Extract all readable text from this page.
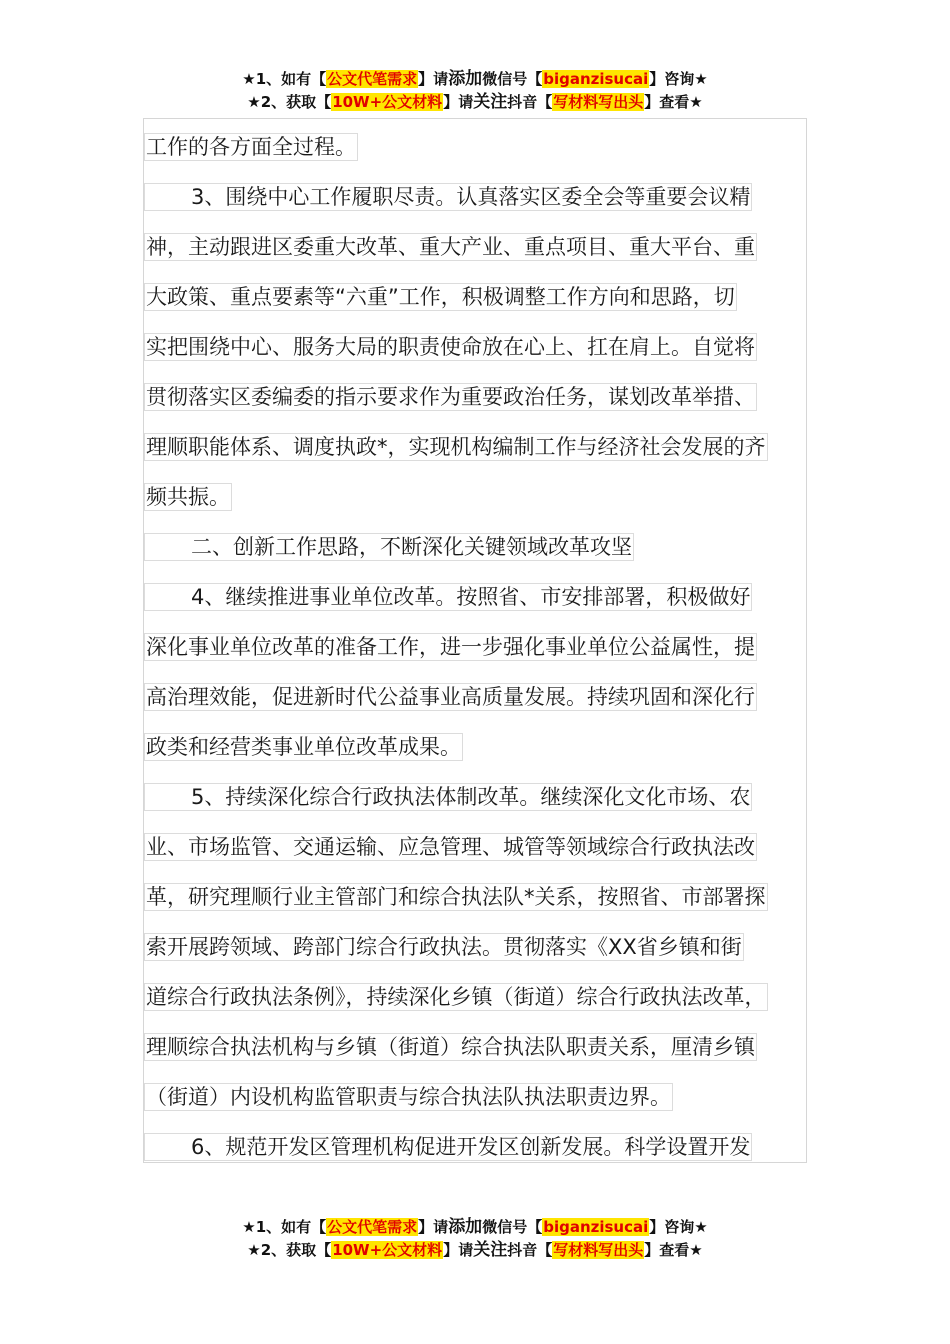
★1、如有【公文代笔需求】请添加微信号【biganzisucai】咨询★
★2、获取【10W+公文材料】请关注抖音【写材料写出头】查看★
工作的各方面全过程。
3、围绕中心工作履职尽责。认真落实区委全会等重要会议精
神，主动跟进区委重大改革、重大产业、重点项目、重大平台、重
大政策、重点要素等“六重”工作，积极调整工作方向和思路，切
实把围绕中心、服务大局的职责使命放在心上、扛在肩上。自觉将
贯彻落实区委编委的指示要求作为重要政治任务，谋划改革举措、
理顺职能体系、调度执政*，实现机构编制工作与经济社会发展的齐
频共振。
二、创新工作思路，不断深化关键领域改革攻坚
4、继续推进事业单位改革。按照省、市安排部署，积极做好
深化事业单位改革的准备工作，进一步强化事业单位公益属性，提
高治理效能，促进新时代公益事业高质量发展。持续巩固和深化行
政类和经营类事业单位改革成果。
5、持续深化综合行政执法体制改革。继续深化文化市场、农
业、市场监管、交通运输、应急管理、城管等领域综合行政执法改
革，研究理顺行业主管部门和综合执法队*关系，按照省、市部署探
索开展跨领域、跨部门综合行政执法。贯彻落实《XX省乡镇和街
道综合行政执法条例》，持续深化乡镇（街道）综合行政执法改革，
理顺综合执法机构与乡镇（街道）综合执法队职责关系，厘清乡镇
（街道）内设机构监管职责与综合执法队执法职责边界。
6、规范开发区管理机构促进开发区创新发展。科学设置开发
★1、如有【公文代笔需求】请添加微信号【biganzisucai】咨询★
★2、获取【10W+公文材料】请关注抖音【写材料写出头】查看★
